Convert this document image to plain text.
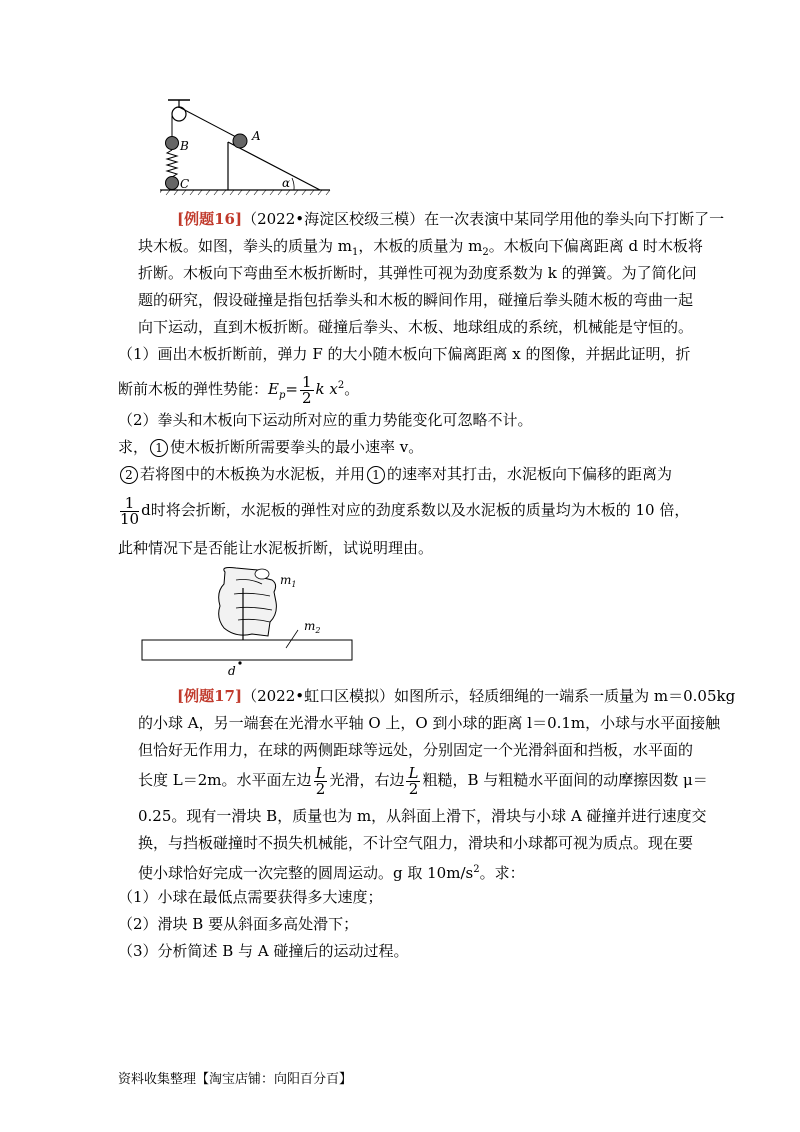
A
B
C	α
[例题16]（2022•海淀区校级三模）在一次表演中某同学用他的拳头向下打断了一
块木板。如图，拳头的质量为 $m_1$，木板的质量为 $m_2$。木板向下偏离距离 d 时木板将
折断。木板向下弯曲至木板折断时，其弹性可视为劲度系数为 k 的弹簧。为了简化问
题的研究，假设碰撞是指包括拳头和木板的瞬间作用，碰撞后拳头随木板的弯曲一起
向下运动，直到木板折断。碰撞后拳头、木板、地球组成的系统，机械能是守恒的。
（1）画出木板折断前，弹力 F 的大小随木板向下偏离距离 x 的图像，并据此证明，折
断前木板的弹性势能：$E_p= \frac{1}{2}$ k $x^2$。
（2）拳头和木板向下运动所对应的重力势能变化可忽略不计。
求， 1 使木板折断所需要拳头的最小速率 v。
2 若将图中的木板换为水泥板，并用 1 的速率对其打击，水泥板向下偏移的距离为
$\frac{1}{10}$ d时将会折断，水泥板的弹性对应的劲度系数以及水泥板的质量均为木板的 10 倍，
此种情况下是否能让水泥板折断，试说明理由。
$m_1$
$m_2$
d
[例题17]（2022•虹口区模拟）如图所示，轻质细绳的一端系一质量为 m＝0.05kg
的小球 A，另一端套在光滑水平轴 O 上，O 到小球的距离 l＝0.1m，小球与水平面接触
但恰好无作用力，在球的两侧距球等远处，分别固定一个光滑斜面和挡板，水平面的
长度 L＝2m。水平面左边 $\frac{L}{2}$ 光滑，右边 $\frac{L}{2}$ 粗糙，B 与粗糙水平面间的动摩擦因数 μ＝
0.25。现有一滑块 B，质量也为 m，从斜面上滑下，滑块与小球 A 碰撞并进行速度交
换，与挡板碰撞时不损失机械能，不计空气阻力，滑块和小球都可视为质点。现在要
使小球恰好完成一次完整的圆周运动。g 取 $10m/s^2$。求：
（1）小球在最低点需要获得多大速度；
（2）滑块 B 要从斜面多高处滑下；
（3）分析简述 B 与 A 碰撞后的运动过程。
资料收集整理【淘宝店铺：向阳百分百】
